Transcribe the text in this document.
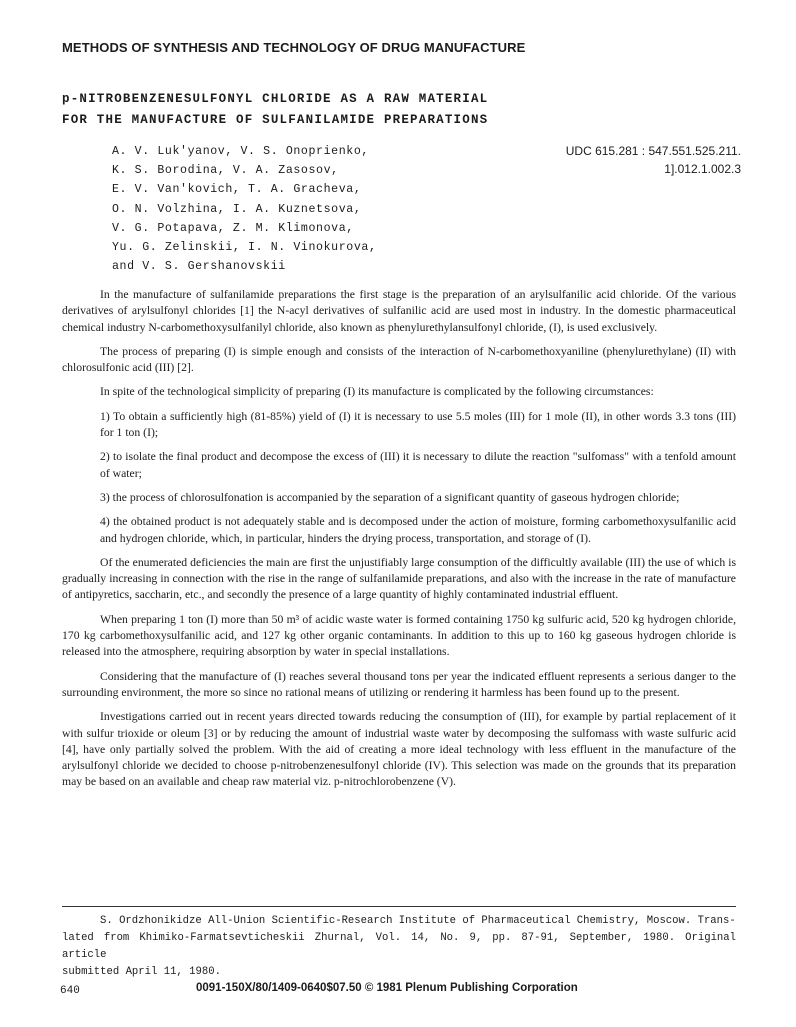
METHODS OF SYNTHESIS AND TECHNOLOGY OF DRUG MANUFACTURE
p-NITROBENZENESULFONYL CHLORIDE AS A RAW MATERIAL
FOR THE MANUFACTURE OF SULFANILAMIDE PREPARATIONS
A. V. Luk'yanov, V. S. Onoprienko,
K. S. Borodina, V. A. Zasosov,
E. V. Van'kovich, T. A. Gracheva,
O. N. Volzhina, I. A. Kuznetsova,
V. G. Potapava, Z. M. Klimonova,
Yu. G. Zelinskii, I. N. Vinokurova,
and V. S. Gershanovskii
UDC 615.281 : 547.551.525.211.
1].012.1.002.3

In the manufacture of sulfanilamide preparations the first stage is the preparation of an arylsulfanilic acid chloride. Of the various derivatives of arylsulfonyl chlorides [1] the N-acyl derivatives of sulfanilic acid are used most in industry. In the domestic pharmaceutical chemical industry N-carbomethoxysulfanilyl chloride, also known as phenylurethylansulfonyl chloride, (I), is used exclusively.

The process of preparing (I) is simple enough and consists of the interaction of N-carbomethoxyaniline (phenylurethylane) (II) with chlorosulfonic acid (III) [2].

In spite of the technological simplicity of preparing (I) its manufacture is complicated by the following circumstances:

1) To obtain a sufficiently high (81-85%) yield of (I) it is necessary to use 5.5 moles (III) for 1 mole (II), in other words 3.3 tons (III) for 1 ton (I);

2) to isolate the final product and decompose the excess of (III) it is necessary to dilute the reaction "sulfomass" with a tenfold amount of water;

3) the process of chlorosulfonation is accompanied by the separation of a significant quantity of gaseous hydrogen chloride;

4) the obtained product is not adequately stable and is decomposed under the action of moisture, forming carbomethoxysulfanilic acid and hydrogen chloride, which, in particular, hinders the drying process, transportation, and storage of (I).

Of the enumerated deficiencies the main are first the unjustifiably large consumption of the difficultly available (III) the use of which is gradually increasing in connection with the rise in the range of sulfanilamide preparations, and also with the increase in the rate of manufacture of antipyretics, saccharin, etc., and secondly the presence of a large quantity of highly contaminated industrial effluent.

When preparing 1 ton (I) more than 50 m³ of acidic waste water is formed containing 1750 kg sulfuric acid, 520 kg hydrogen chloride, 170 kg carbomethoxysulfanilic acid, and 127 kg other organic contaminants. In addition to this up to 160 kg gaseous hydrogen chloride is released into the atmosphere, requiring absorption by water in special installations.

Considering that the manufacture of (I) reaches several thousand tons per year the indicated effluent represents a serious danger to the surrounding environment, the more so since no rational means of utilizing or rendering it harmless has been found up to the present.

Investigations carried out in recent years directed towards reducing the consumption of (III), for example by partial replacement of it with sulfur trioxide or oleum [3] or by reducing the amount of industrial waste water by decomposing the sulfomass with waste sulfuric acid [4], have only partially solved the problem. With the aid of creating a more ideal technology with less effluent in the manufacture of the arylsulfonyl chloride we decided to choose p-nitrobenzenesulfonyl chloride (IV). This selection was made on the grounds that its preparation may be based on an available and cheap raw material viz. p-nitrochlorobenzene (V).

S. Ordzhonikidze All-Union Scientific-Research Institute of Pharmaceutical Chemistry, Moscow. Trans-
lated from Khimiko-Farmatsevticheskii Zhurnal, Vol. 14, No. 9, pp. 87-91, September, 1980. Original article
submitted April 11, 1980.
640	0091-150X/80/1409-0640$07.50 © 1981 Plenum Publishing Corporation
